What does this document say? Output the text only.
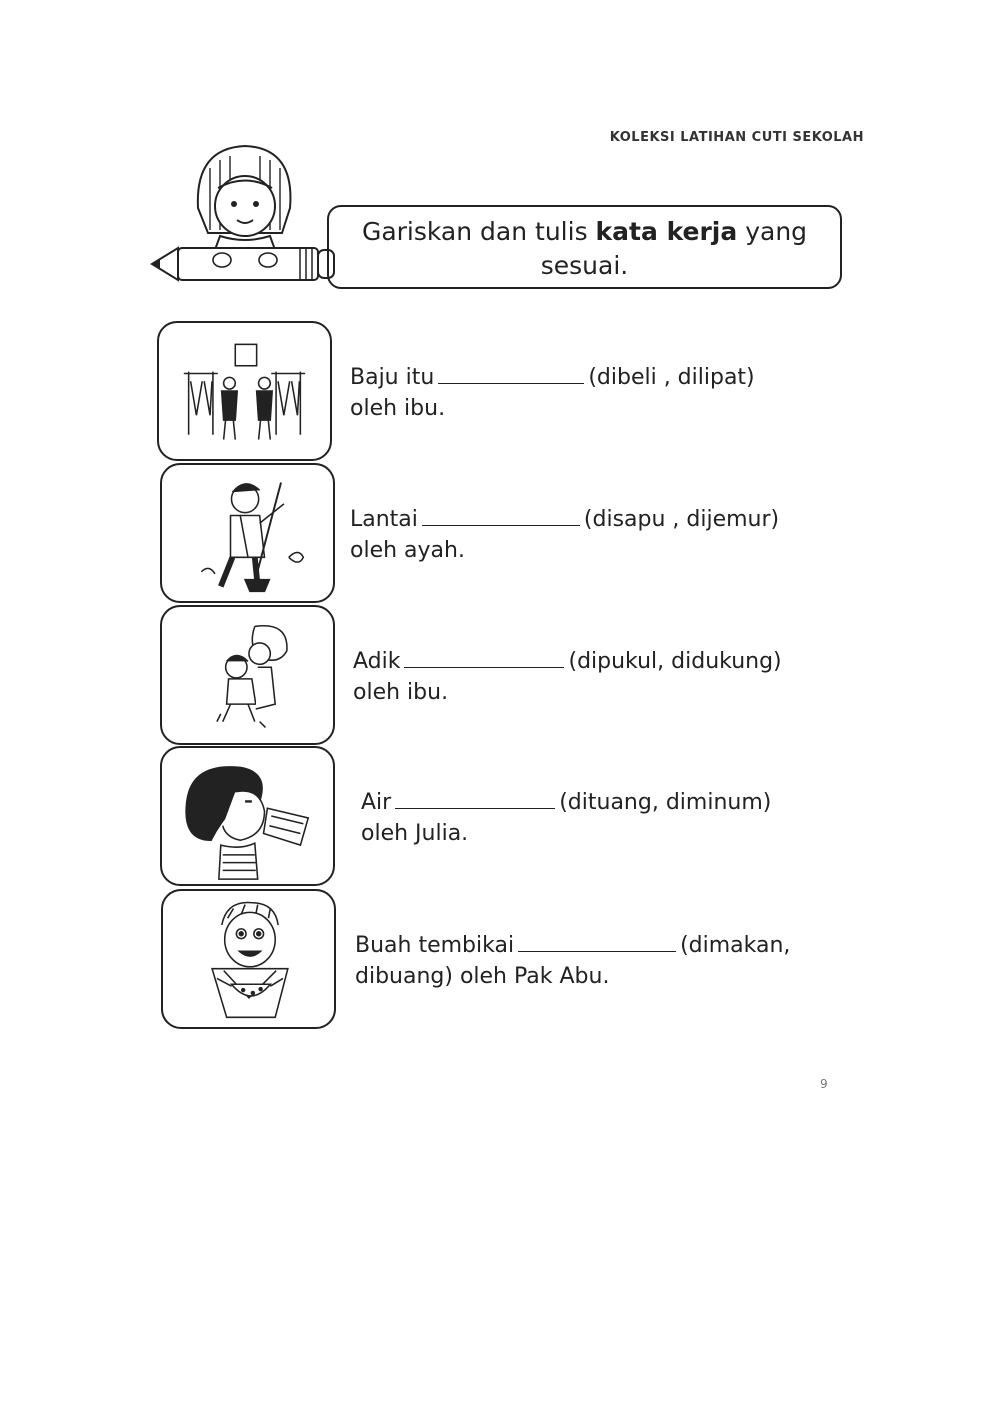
KOLEKSI LATIHAN CUTI SEKOLAH
Gariskan dan tulis kata kerja yang
sesuai.
Baju itu	(dibeli , dilipat)
oleh ibu.
Lantai	(disapu , dijemur)
oleh ayah.
Adik	(dipukul, didukung)
oleh ibu.
Air	(dituang, diminum)
oleh Julia.
Buah tembikai	(dimakan,
dibuang) oleh Pak Abu.
9
